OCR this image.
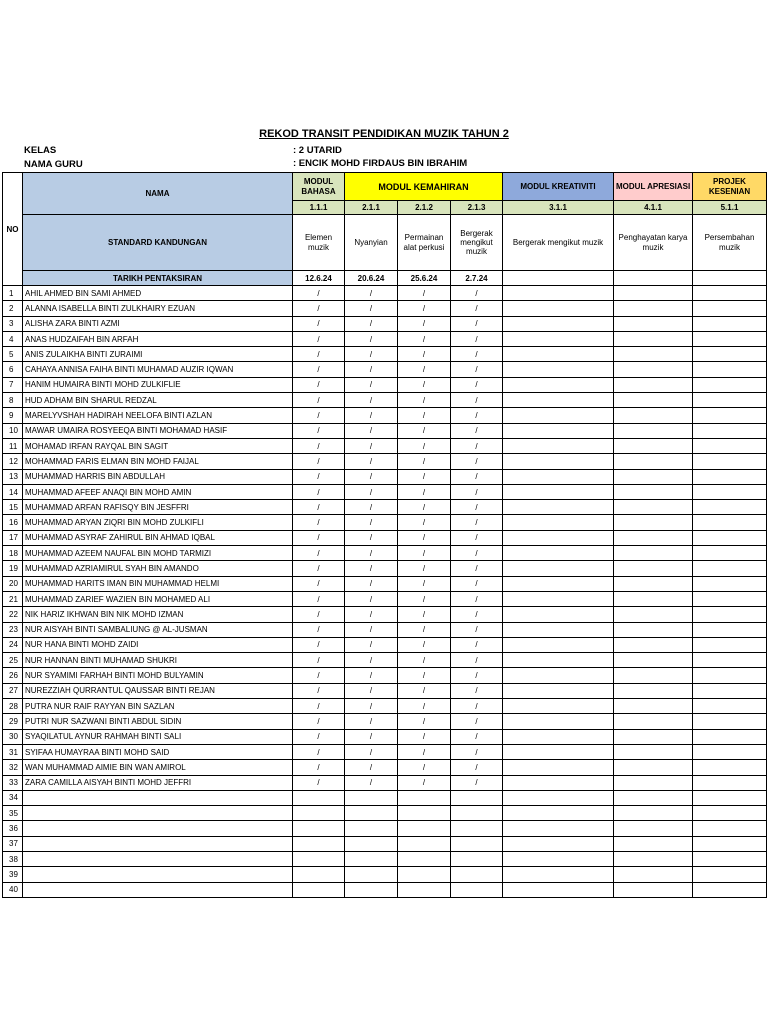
REKOD TRANSIT PENDIDIKAN MUZIK TAHUN 2
KELAS	: 2 UTARID
NAMA GURU	: ENCIK MOHD FIRDAUS BIN IBRAHIM
NO	NAMA	MODUL BAHASA	MODUL KEMAHIRAN			MODUL KREATIVITI	MODUL APRESIASI	PROJEK KESENIAN
		1.1.1	2.1.1	2.1.2	2.1.3	3.1.1	4.1.1	5.1.1
	STANDARD KANDUNGAN	Elemen muzik	Nyanyian	Permainan alat perkusi	Bergerak mengikut muzik	Bergerak mengikut muzik	Penghayatan karya muzik	Persembahan muzik
	TARIKH PENTAKSIRAN	12.6.24	20.6.24	25.6.24	2.7.24			
1	AHIL AHMED BIN SAMI AHMED	/	/	/	/			
2	ALANNA ISABELLA BINTI ZULKHAIRY EZUAN	/	/	/	/			
3	ALISHA ZARA BINTI AZMI	/	/	/	/			
4	ANAS HUDZAIFAH BIN ARFAH	/	/	/	/			
5	ANIS ZULAIKHA BINTI ZURAIMI	/	/	/	/			
6	CAHAYA ANNISA FAIHA BINTI MUHAMAD AUZIR IQWAN	/	/	/	/			
7	HANIM HUMAIRA BINTI MOHD ZULKIFLIE	/	/	/	/			
8	HUD ADHAM BIN SHARUL REDZAL	/	/	/	/			
9	MARELYVSHAH HADIRAH NEELOFA BINTI AZLAN	/	/	/	/			
10	MAWAR UMAIRA ROSYEEQA BINTI MOHAMAD HASIF	/	/	/	/			
11	MOHAMAD IRFAN RAYQAL BIN SAGIT	/	/	/	/			
12	MOHAMMAD FARIS ELMAN BIN MOHD FAIJAL	/	/	/	/			
13	MUHAMMAD HARRIS BIN ABDULLAH	/	/	/	/			
14	MUHAMMAD AFEEF ANAQI BIN MOHD AMIN	/	/	/	/			
15	MUHAMMAD ARFAN RAFISQY BIN JESFFRI	/	/	/	/			
16	MUHAMMAD ARYAN ZIQRI BIN MOHD ZULKIFLI	/	/	/	/			
17	MUHAMMAD ASYRAF ZAHIRUL BIN AHMAD IQBAL	/	/	/	/			
18	MUHAMMAD AZEEM NAUFAL BIN MOHD TARMIZI	/	/	/	/			
19	MUHAMMAD AZRIAMIRUL SYAH BIN AMANDO	/	/	/	/			
20	MUHAMMAD HARITS IMAN BIN MUHAMMAD HELMI	/	/	/	/			
21	MUHAMMAD ZARIEF WAZIEN BIN MOHAMED ALI	/	/	/	/			
22	NIK HARIZ IKHWAN BIN NIK MOHD IZMAN	/	/	/	/			
23	NUR AISYAH BINTI SAMBALIUNG @ AL-JUSMAN	/	/	/	/			
24	NUR HANA BINTI MOHD ZAIDI	/	/	/	/			
25	NUR HANNAN BINTI MUHAMAD SHUKRI	/	/	/	/			
26	NUR SYAMIMI FARHAH BINTI MOHD BULYAMIN	/	/	/	/			
27	NUREZZIAH QURRANTUL QAUSSAR BINTI REJAN	/	/	/	/			
28	PUTRA NUR RAIF RAYYAN BIN SAZLAN	/	/	/	/			
29	PUTRI NUR SAZWANI BINTI ABDUL SIDIN	/	/	/	/			
30	SYAQILATUL AYNUR RAHMAH BINTI SALI	/	/	/	/			
31	SYIFAA HUMAYRAA BINTI MOHD SAID	/	/	/	/			
32	WAN MUHAMMAD AIMIE BIN WAN AMIROL	/	/	/	/			
33	ZARA CAMILLA AISYAH BINTI MOHD JEFFRI	/	/	/	/			
34								
35								
36								
37								
38								
39								
40								
